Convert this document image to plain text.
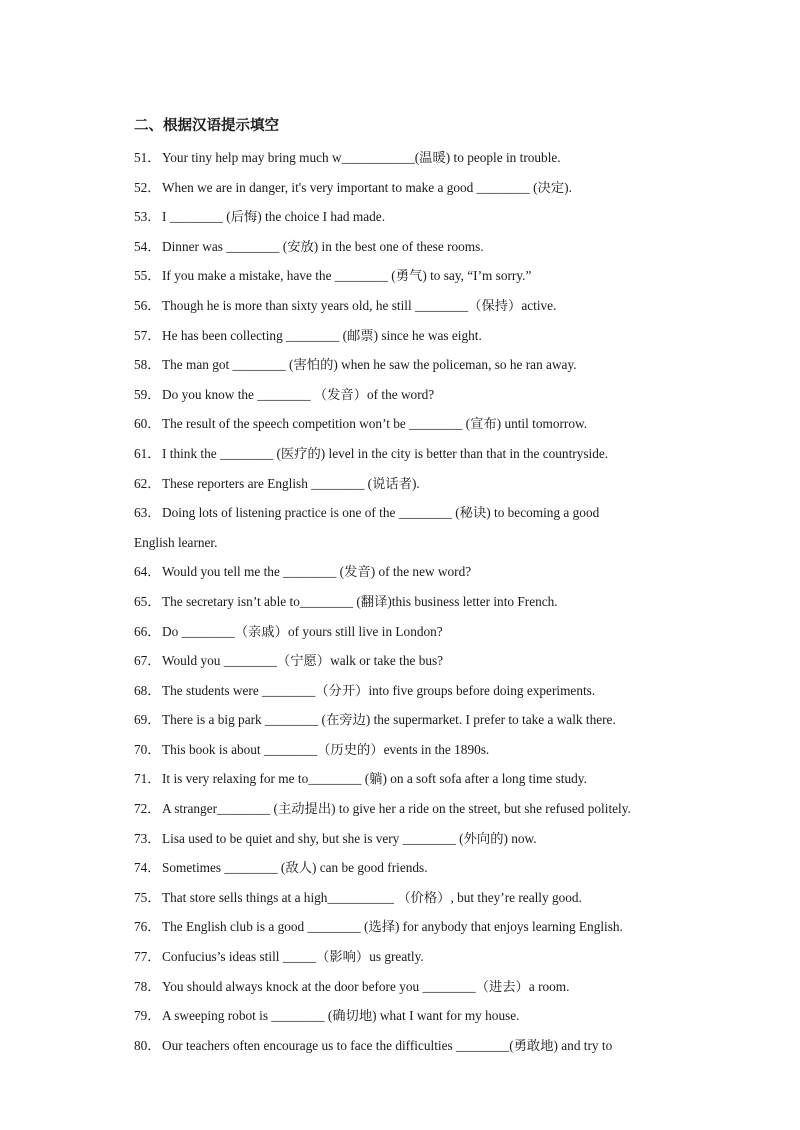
二、根据汉语提示填空
51．Your tiny help may bring much w___________(温暖) to people in trouble.
52．When we are in danger, it's very important to make a good ________ (决定).
53．I ________ (后悔) the choice I had made.
54．Dinner was ________ (安放) in the best one of these rooms.
55．If you make a mistake, have the ________ (勇气) to say, “I’m sorry.”
56．Though he is more than sixty years old, he still ________（保持）active.
57．He has been collecting ________ (邮票) since he was eight.
58．The man got ________ (害怕的) when he saw the policeman, so he ran away.
59．Do you know the ________ （发音）of the word?
60．The result of the speech competition won’t be ________ (宣布) until tomorrow.
61．I think the ________ (医疗的) level in the city is better than that in the countryside.
62．These reporters are English ________ (说话者).
63．Doing lots of listening practice is one of the ________ (秘诀) to becoming a good
English learner.
64．Would you tell me the ________ (发音) of the new word?
65．The secretary isn’t able to________ (翻译)this business letter into French.
66．Do ________（亲戚）of yours still live in London?
67．Would you ________（宁愿）walk or take the bus?
68．The students were ________（分开）into five groups before doing experiments.
69．There is a big park ________ (在旁边) the supermarket. I prefer to take a walk there.
70．This book is about ________（历史的）events in the 1890s.
71．It is very relaxing for me to________ (躺) on a soft sofa after a long time study.
72．A stranger________ (主动提出) to give her a ride on the street, but she refused politely.
73．Lisa used to be quiet and shy, but she is very ________ (外向的) now.
74．Sometimes ________ (敌人) can be good friends.
75．That store sells things at a high__________ （价格）, but they’re really good.
76．The English club is a good ________ (选择) for anybody that enjoys learning English.
77．Confucius’s ideas still _____（影响）us greatly.
78．You should always knock at the door before you ________（进去）a room.
79．A sweeping robot is ________ (确切地) what I want for my house.
80．Our teachers often encourage us to face the difficulties ________(勇敢地) and try to
